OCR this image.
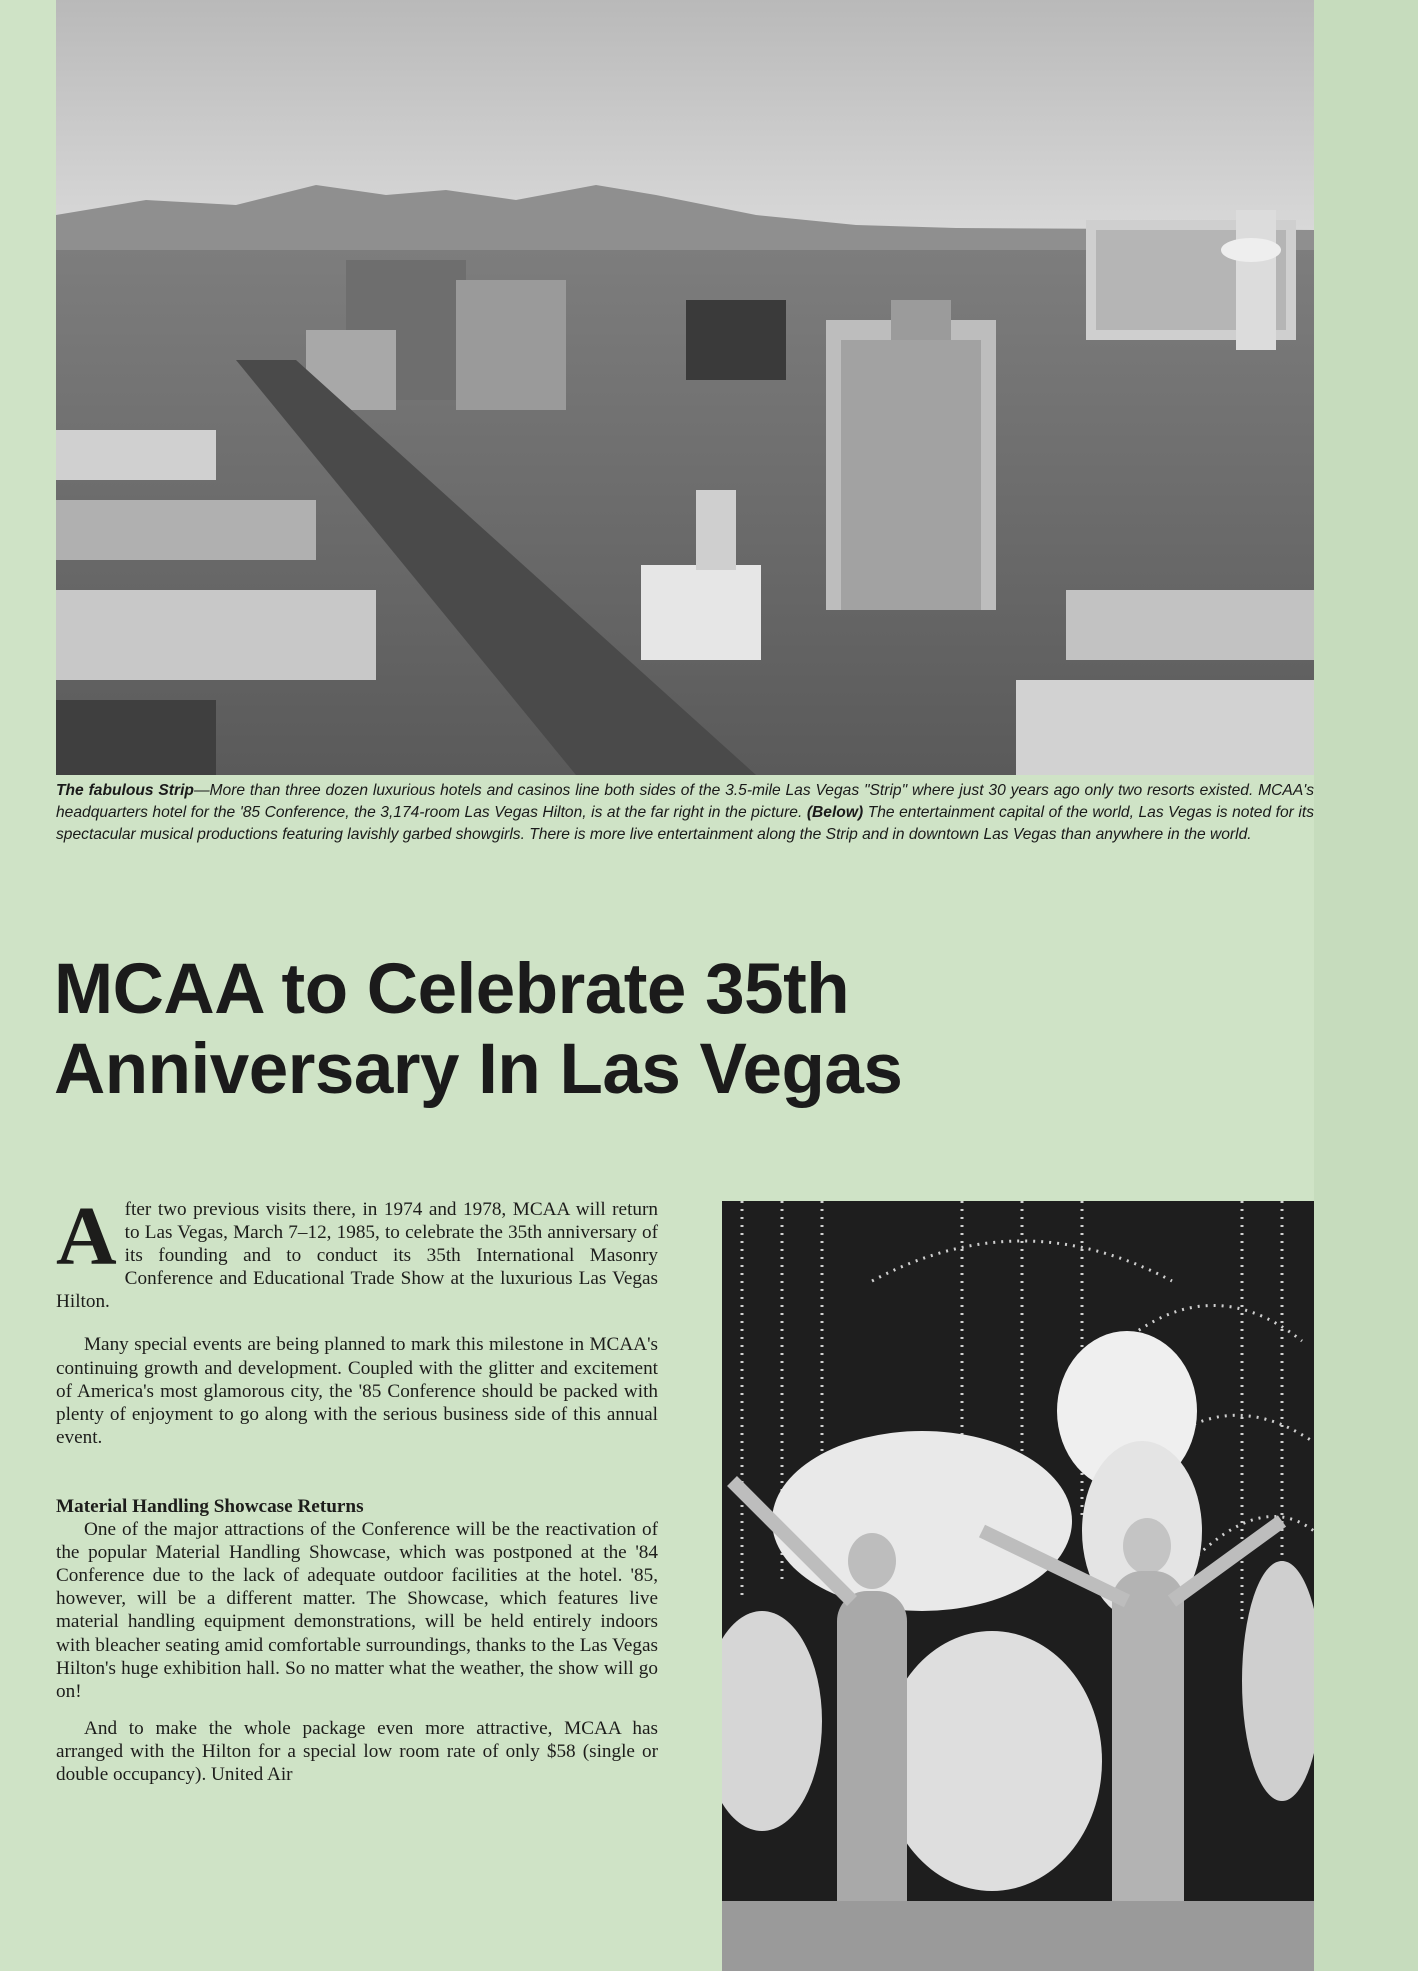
The fabulous Strip—More than three dozen luxurious hotels and casinos line both sides of the 3.5-mile Las Vegas "Strip" where just 30 years ago only two resorts existed. MCAA's headquarters hotel for the '85 Conference, the 3,174-room Las Vegas Hilton, is at the far right in the picture. (Below) The entertainment capital of the world, Las Vegas is noted for its spectacular musical productions featuring lavishly garbed showgirls. There is more live entertainment along the Strip and in downtown Las Vegas than anywhere in the world.
MCAA to Celebrate 35th
Anniversary In Las Vegas

After two previous visits there, in 1974 and 1978, MCAA will return to Las Vegas, March 7–12, 1985, to celebrate the 35th anniversary of its founding and to conduct its 35th International Masonry Conference and Educational Trade Show at the luxurious Las Vegas Hilton.

Many special events are being planned to mark this milestone in MCAA's continuing growth and development. Coupled with the glitter and excitement of America's most glamorous city, the '85 Conference should be packed with plenty of enjoyment to go along with the serious business side of this annual event.

Material Handling Showcase Returns

One of the major attractions of the Conference will be the reactivation of the popular Material Handling Showcase, which was postponed at the '84 Conference due to the lack of adequate outdoor facilities at the hotel. '85, however, will be a different matter. The Showcase, which features live material handling equipment demonstrations, will be held entirely indoors with bleacher seating amid comfortable surroundings, thanks to the Las Vegas Hilton's huge exhibition hall. So no matter what the weather, the show will go on!

And to make the whole package even more attractive, MCAA has arranged with the Hilton for a special low room rate of only $58 (single or double occupancy). United Air
